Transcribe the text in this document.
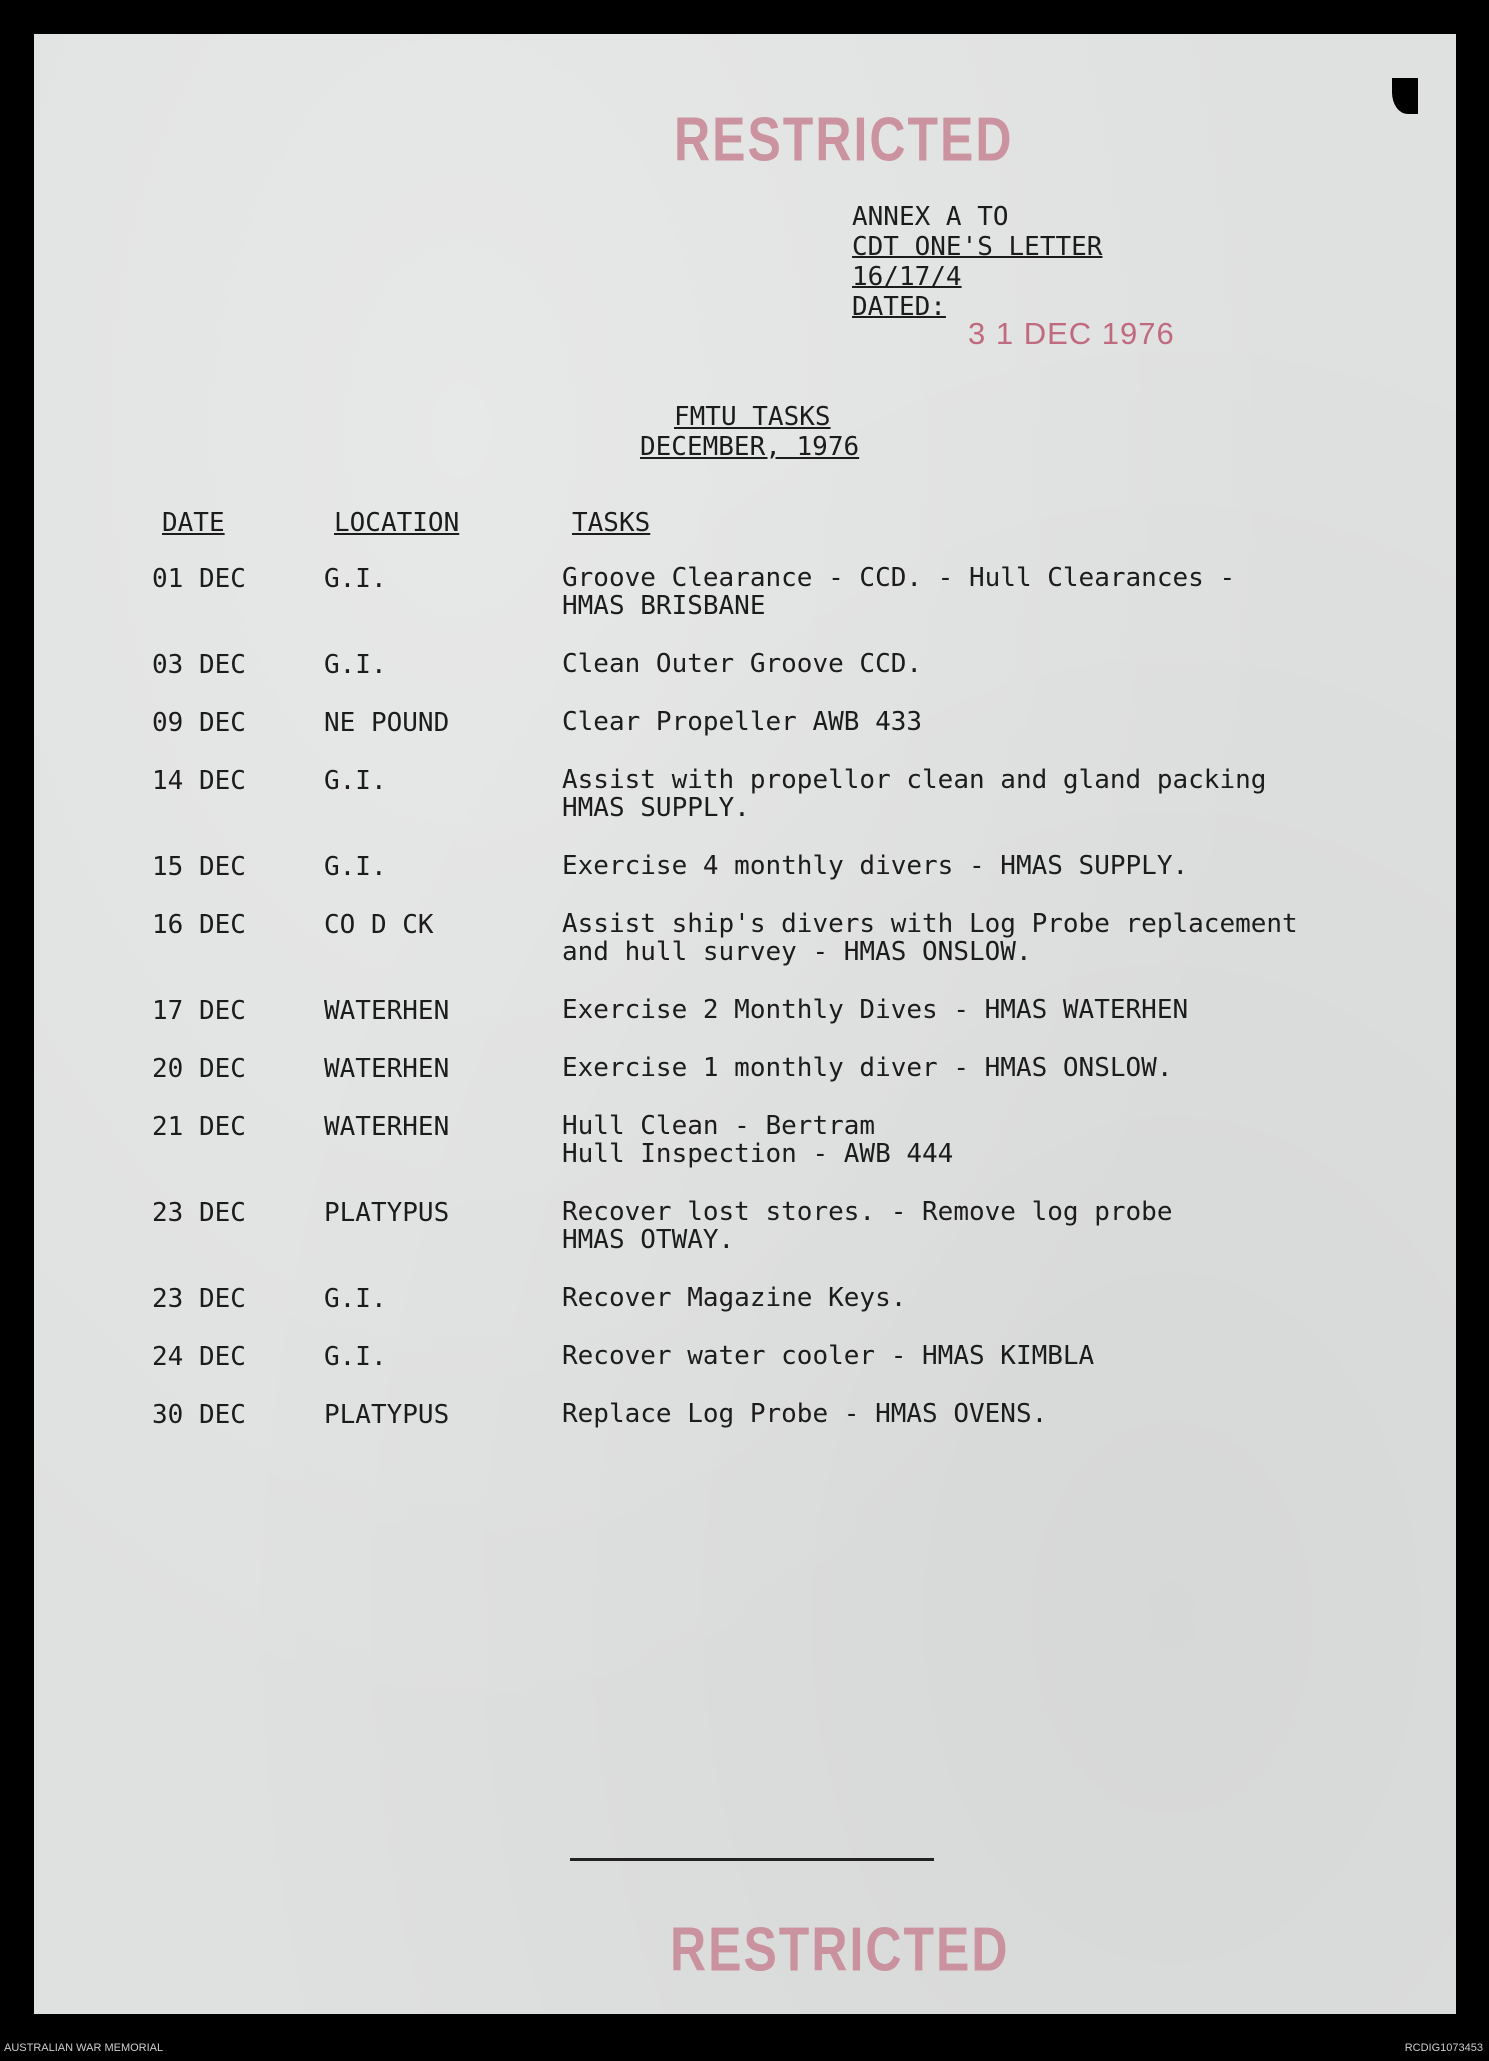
RESTRICTED
ANNEX A TO
CDT ONE'S LETTER
16/17/4
DATED:
3 1 DEC 1976
FMTU TASKS
DECEMBER, 1976
DATE	LOCATION	TASKS
01 DEC	G.I.	Groove Clearance - CCD. - Hull Clearances -
HMAS BRISBANE
03 DEC	G.I.	Clean Outer Groove CCD.
09 DEC	NE POUND	Clear Propeller AWB 433
14 DEC	G.I.	Assist with propellor clean and gland packing
HMAS SUPPLY.
15 DEC	G.I.	Exercise 4 monthly divers - HMAS SUPPLY.
16 DEC	CO D CK	Assist ship's divers with Log Probe replacement
and hull survey - HMAS ONSLOW.
17 DEC	WATERHEN	Exercise 2 Monthly Dives - HMAS WATERHEN
20 DEC	WATERHEN	Exercise 1 monthly diver - HMAS ONSLOW.
21 DEC	WATERHEN	Hull Clean - Bertram
Hull Inspection - AWB 444
23 DEC	PLATYPUS	Recover lost stores. - Remove log probe
HMAS OTWAY.
23 DEC	G.I.	Recover Magazine Keys.
24 DEC	G.I.	Recover water cooler - HMAS KIMBLA
30 DEC	PLATYPUS	Replace Log Probe - HMAS OVENS.
RESTRICTED
AUSTRALIAN WAR MEMORIAL	RCDIG1073453
